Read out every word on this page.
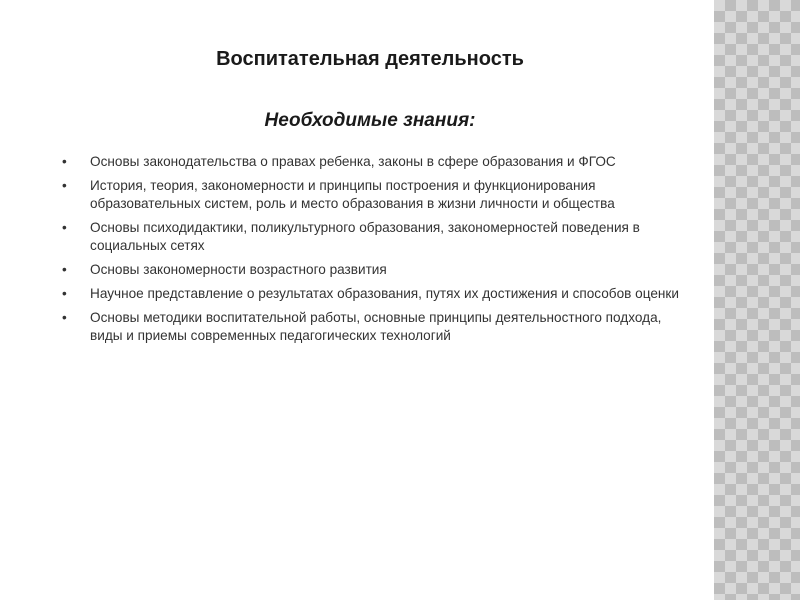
Воспитательная деятельность
Необходимые знания:
• Основы законодательства о правах ребенка, законы в сфере образования и ФГОС
• История, теория, закономерности и принципы построения и функционирования образовательных систем, роль и место образования в жизни личности и общества
• Основы психодидактики, поликультурного образования, закономерностей поведения в социальных сетях
• Основы закономерности возрастного развития
• Научное представление о результатах образования, путях их достижения и способов оценки
• Основы методики воспитательной работы, основные принципы деятельностного подхода, виды и приемы современных педагогических технологий
